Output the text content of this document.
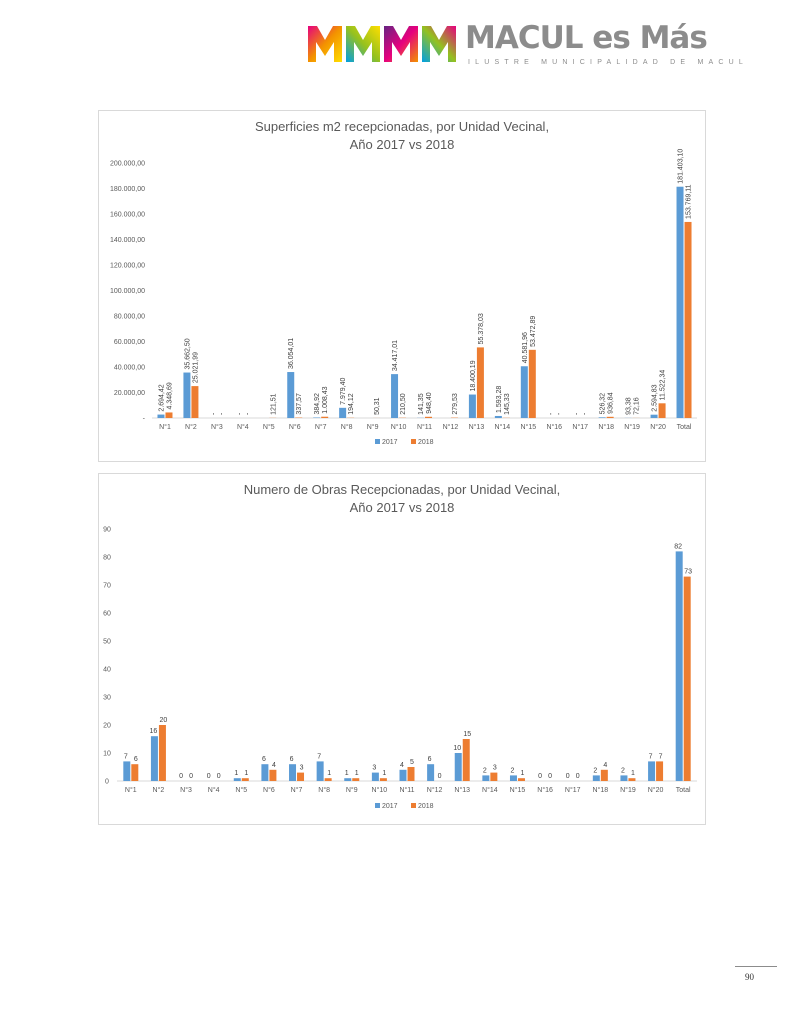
MACUL es Más
ILUSTRE MUNICIPALIDAD DE MACUL
Superficies m2 recepcionadas, por Unidad Vecinal,
Año 2017 vs 2018
-
20.000,00
40.000,00
60.000,00
80.000,00
100.000,00
120.000,00
140.000,00
160.000,00
180.000,00
200.000,00
N°1
2.694,42 4.348,69
N°2
35.662,50 25.021,99
N°3
- -
N°4
- -
N°5
121,51
N°6
36.054,01
337,57
N°7
384,92 1.008,43
N°8
7.979,40 194,12
N°9
50,31
N°10
34.417,01
210,50
N°11
141,35 948,40
N°12
279,53
N°13
18.400,19
55.378,03
N°14
1.593,28 145,33
N°15
40.581,96
53.472,89
N°16
- -
N°17
- -
N°18
526,32 936,84
N°19
93,38 72,16
N°20
2.594,83 11.522,34
Total
181.403,10
153.769,11
2017	2018
Numero de Obras Recepcionadas, por Unidad Vecinal,
Año 2017 vs 2018
0
10
20
30
40
50
60
70
80
90
N°1
7 6
N°2
16
20
N°3
0 0
N°4
0 0
N°5
1 1
N°6
6
4
N°7
6
3
N°8
7
1
N°9
1 1
N°10
3
1
N°11
4 5
N°12
6
0
N°13
10
15
N°14
2 3
N°15
2 1
N°16
0 0
N°17
0 0
N°18
2
4
N°19
2 1
N°20
7 7
Total
82
73
2017	2018
90
